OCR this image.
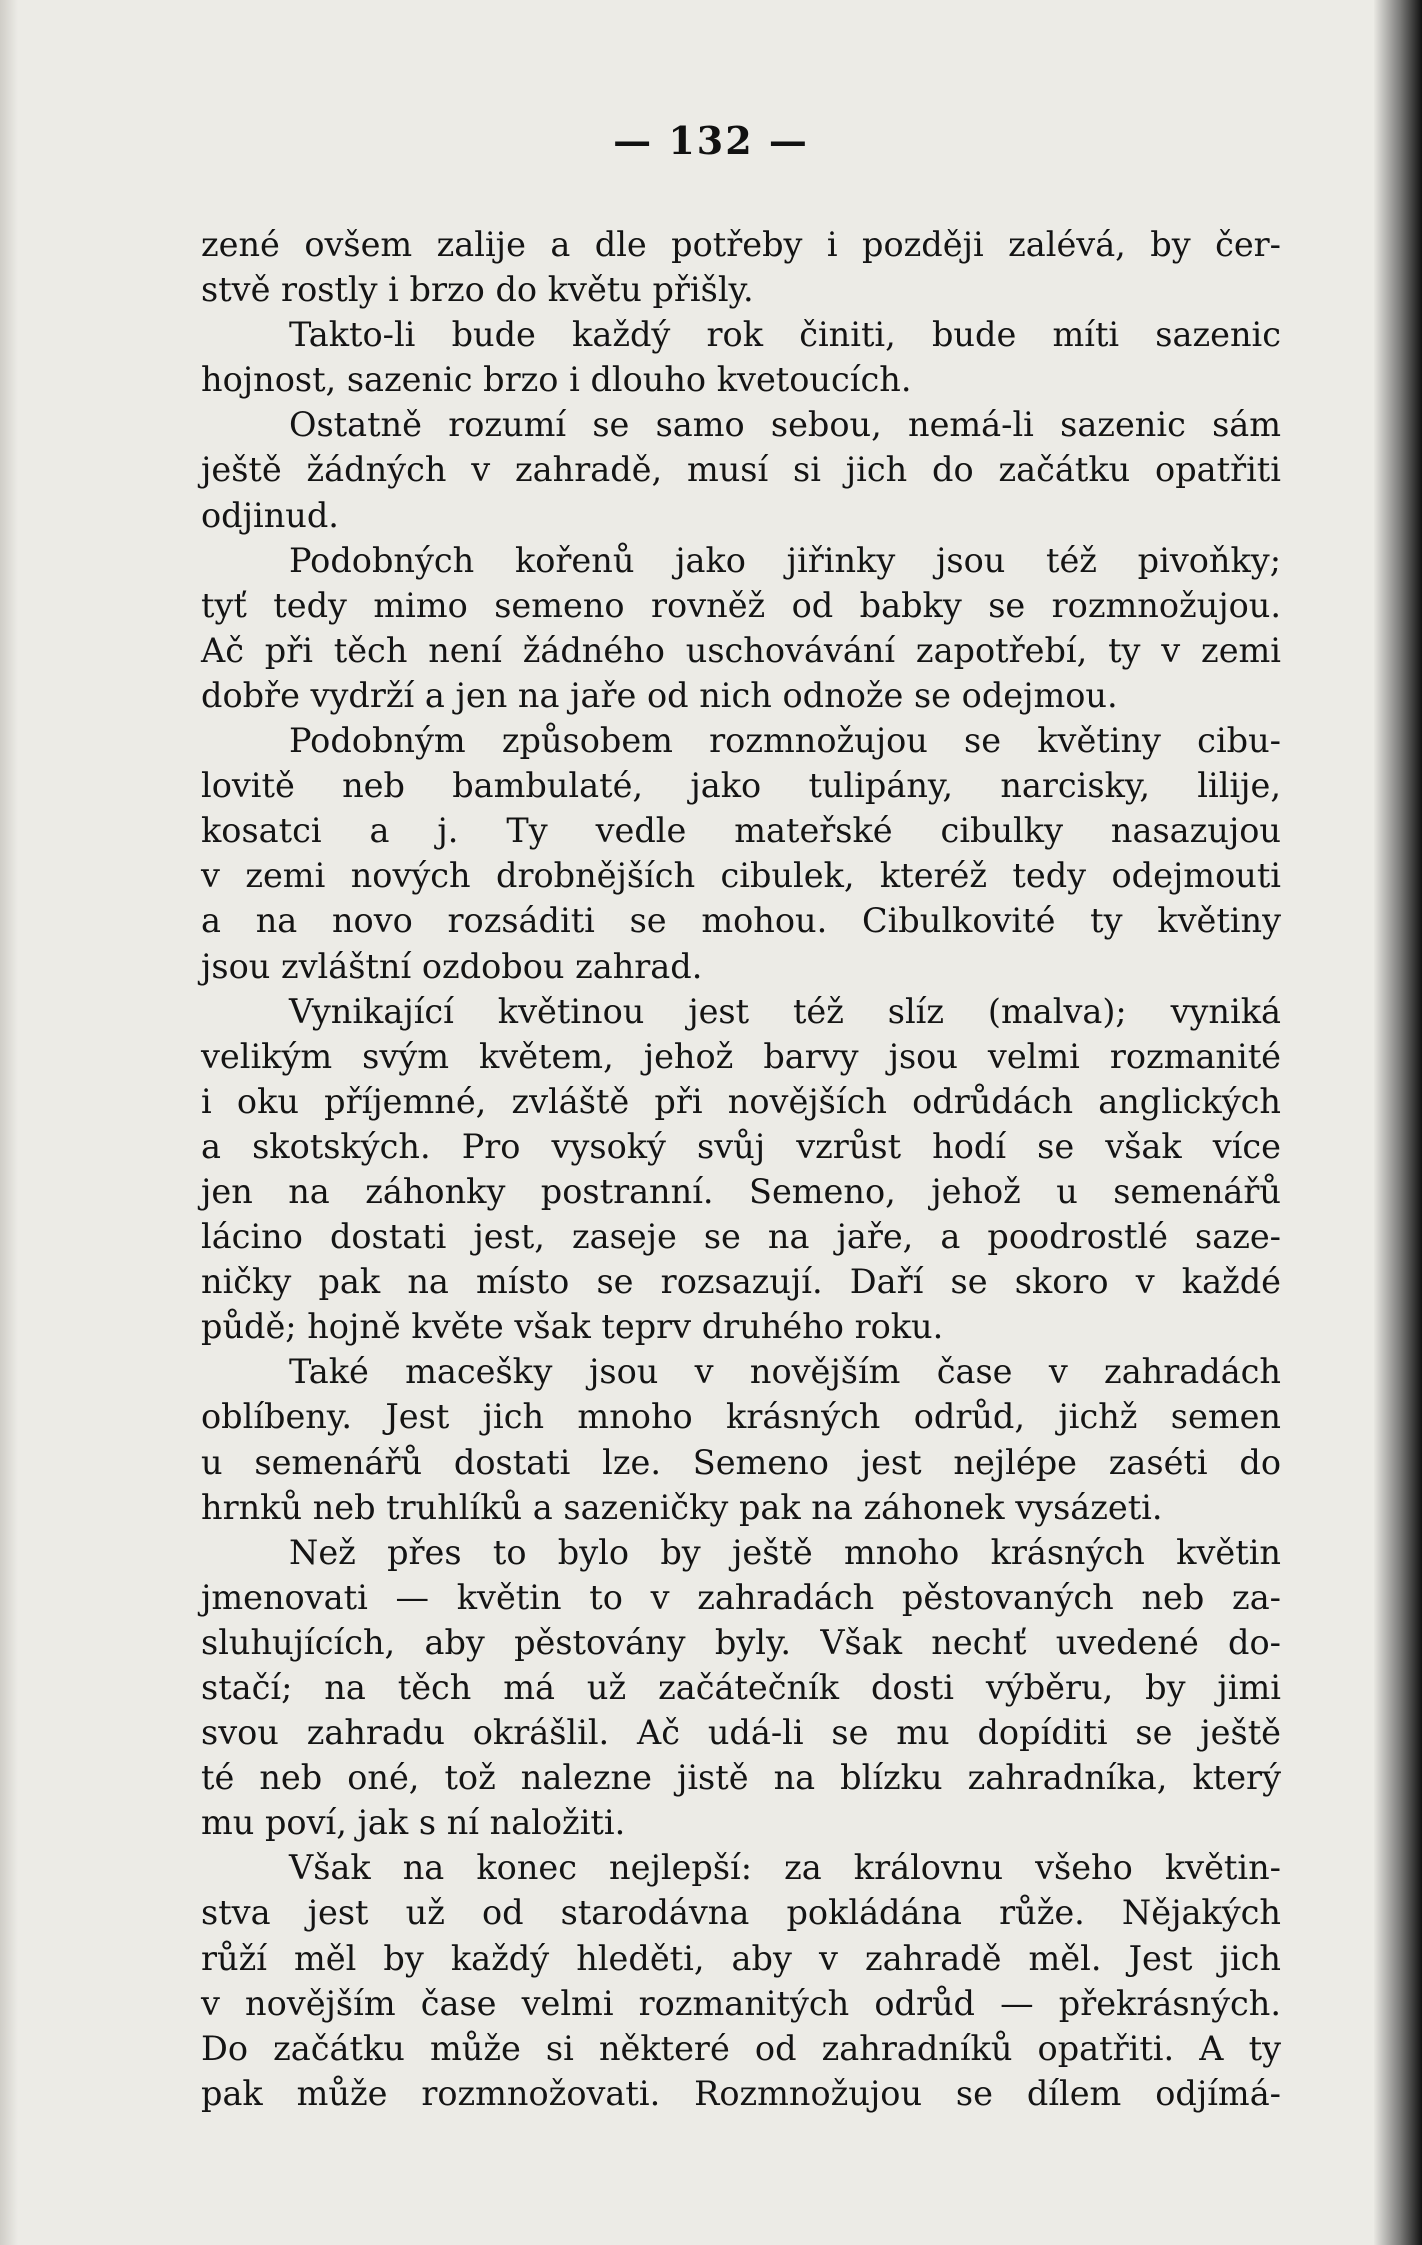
— 132 —
zené ovšem zalije a dle potřeby i později zalévá, by čer-
stvě rostly i brzo do květu přišly.
Takto-li bude každý rok činiti, bude míti sazenic
hojnost, sazenic brzo i dlouho kvetoucích.
Ostatně rozumí se samo sebou, nemá-li sazenic sám
ještě žádných v zahradě, musí si jich do začátku opatřiti
odjinud.
Podobných kořenů jako jiřinky jsou též pivoňky;
tyť tedy mimo semeno rovněž od babky se rozmnožujou.
Ač při těch není žádného uschovávání zapotřebí, ty v zemi
dobře vydrží a jen na jaře od nich odnože se odejmou.
Podobným způsobem rozmnožujou se květiny cibu-
lovitě neb bambulaté, jako tulipány, narcisky, lilije,
kosatci a j. Ty vedle mateřské cibulky nasazujou
v zemi nových drobnějších cibulek, kteréž tedy odejmouti
a na novo rozsáditi se mohou. Cibulkovité ty květiny
jsou zvláštní ozdobou zahrad.
Vynikající květinou jest též slíz (malva); vyniká
velikým svým květem, jehož barvy jsou velmi rozmanité
i oku příjemné, zvláště při novějších odrůdách anglických
a skotských. Pro vysoký svůj vzrůst hodí se však více
jen na záhonky postranní. Semeno, jehož u semenářů
lácino dostati jest, zaseje se na jaře, a poodrostlé saze-
ničky pak na místo se rozsazují. Daří se skoro v každé
půdě; hojně květe však teprv druhého roku.
Také maceškу jsou v novějším čase v zahradách
oblíbeny. Jest jich mnoho krásných odrůd, jichž semen
u semenářů dostati lze. Semeno jest nejlépe zaséti do
hrnků neb truhlíků a sazeničky pak na záhonek vysázeti.
Než přes to bylo by ještě mnoho krásných květin
jmenovati — květin to v zahradách pěstovaných neb za-
sluhujících, aby pěstovány byly. Však nechť uvedené do-
stačí; na těch má už začátečník dosti výběru, by jimi
svou zahradu okrášlil. Ač udá-li se mu dopíditi se ještě
té neb oné, tož nalezne jistě na blízku zahradníka, který
mu poví, jak s ní naložiti.
Však na konec nejlepší: za královnu všeho květin-
stva jest už od starodávna pokládána růže. Nějakých
růží měl by každý hleděti, aby v zahradě měl. Jest jich
v novějším čase velmi rozmanitých odrůd — překrásných.
Do začátku může si některé od zahradníků opatřiti. A ty
pak může rozmnožovati. Rozmnožujou se dílem odjímá-
